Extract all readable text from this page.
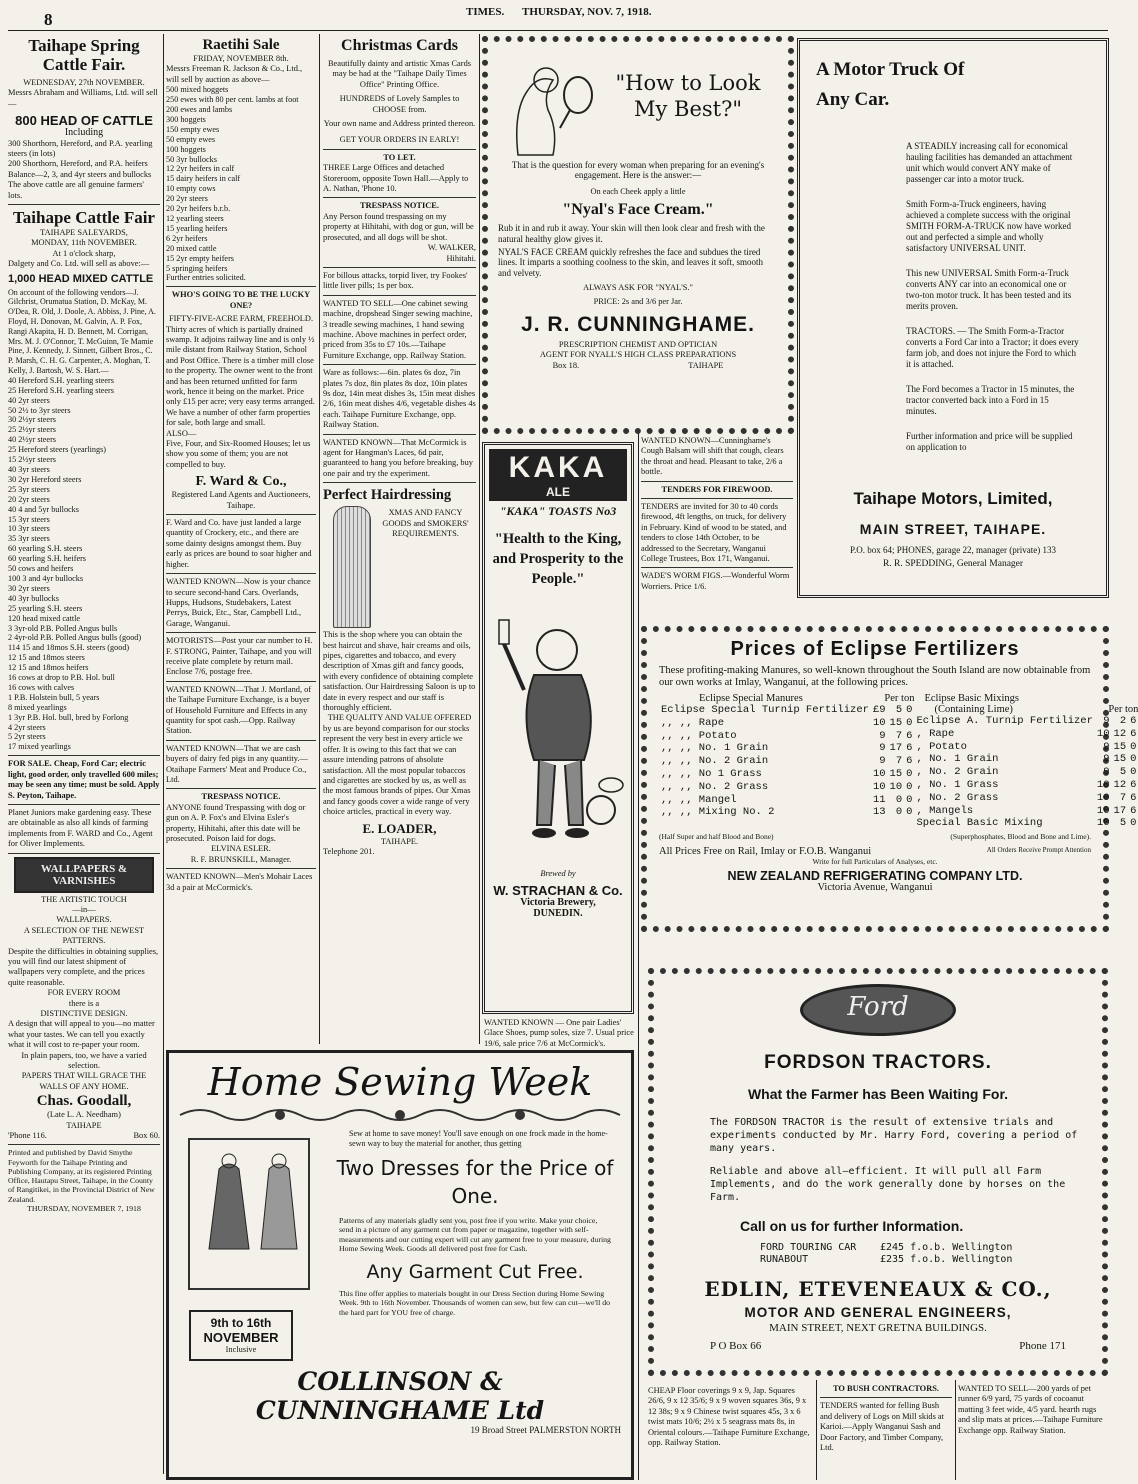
8	TIMES. THURSDAY, NOV. 7, 1918.
Taihape Spring Cattle Fair.

WEDNESDAY, 27th NOVEMBER.

Messrs Abraham and Williams, Ltd. will sell—

800 HEAD OF CATTLE

Including

300 Shorthorn, Hereford, and P.A. yearling steers (in lots)

200 Shorthorn, Hereford, and P.A. heifers

Balance—2, 3, and 4yr steers and bullocks

The above cattle are all genuine farmers' lots.

Taihape Cattle Fair

TAIHAPE SALEYARDS,

MONDAY, 11th NOVEMBER.

At 1 o'clock sharp,

Dalgety and Co. Ltd. will sell as above:—

1,000 HEAD MIXED CATTLE

On account of the following vendors—J. Gilchrist, Orumatua Station, D. McKay, M. O'Dea, R. Old, J. Doole, A. Abbiss, J. Pine, A. Floyd, H. Donovan, M. Galvin, A. P. Fox, Rangi Akapita, H. D. Bennett, M. Corrigan, Mrs. M. J. O'Connor, T. McGuinn, Te Mamie Pine, J. Kennedy, J. Sinnett, Gilbert Bros., C. P. Marsh, C. H. G. Carpenter, A. Moghan, T. Kelly, J. Bartosh, W. S. Hart.—

40 Hereford S.H. yearling steers
25 Hereford S.H. yearling steers
40 2yr steers
50 2½ to 3yr steers
30 2½yr steers
25 2½yr steers
40 2½yr steers
25 Hereford steers (yearlings)
15 2½yr steers
40 3yr steers
30 2yr Hereford steers
25 3yr steers
20 2yr steers
40 4 and 5yr bullocks
15 3yr steers
10 3yr steers
35 3yr steers
60 yearling S.H. steers
60 yearling S.H. heifers
50 cows and heifers
100 3 and 4yr bullocks
30 2yr steers
40 3yr bullocks
25 yearling S.H. steers
120 head mixed cattle
3 3yr-old P.B. Polled Angus bulls
2 4yr-old P.B. Polled Angus bulls (good)
114 15 and 18mos S.H. steers (good)
12 15 and 18mos steers
12 15 and 18mos heifers
16 cows at drop to P.B. Hol. bull
16 cows with calves
1 P.B. Holstein bull, 5 years
8 mixed yearlings
1 3yr P.B. Hol. bull, bred by Forlong
4 2yr steers
5 2yr steers
17 mixed yearlings

FOR SALE. Cheap, Ford Car; electric light, good order, only travelled 600 miles; may be seen any time; must be sold. Apply S. Peyton, Taihape.

Planet Juniors make gardening easy. These are obtainable as also all kinds of farming implements from F. WARD and Co., Agent for Oliver Implements.

WALLPAPERS & VARNISHES

THE ARTISTIC TOUCH

—in—

WALLPAPERS.

A SELECTION OF THE NEWEST PATTERNS.

Despite the difficulties in obtaining supplies, you will find our latest shipment of wallpapers very complete, and the prices quite reasonable.

FOR EVERY ROOM

there is a

DISTINCTIVE DESIGN.

A design that will appeal to you—no matter what your tastes. We can tell you exactly what it will cost to re-paper your room.

In plain papers, too, we have a varied selection.

PAPERS THAT WILL GRACE THE WALLS OF ANY HOME.

Chas. Goodall,

(Late L. A. Needham)

TAIHAPE

'Phone 116.	Box 60.

Printed and published by David Smythe Feyworth for the Taihape Printing and Publishing Company, at its registered Printing Office, Hautapu Street, Taihape, in the County of Rangitikei, in the Provincial District of New Zealand.

THURSDAY, NOVEMBER 7, 1918

Raetihi Sale

FRIDAY, NOVEMBER 8th.

Messrs Freeman R. Jackson & Co., Ltd., will sell by auction as above—

500 mixed hoggets
250 ewes with 80 per cent. lambs at foot
200 ewes and lambs
300 hoggets
150 empty ewes
50 empty ewes
100 hoggets
50 3yr bullocks
12 2yr heifers in calf
15 dairy heifers in calf
10 empty cows
20 2yr steers
20 2yr heifers b.r.b.
12 yearling steers
15 yearling heifers
6 2yr heifers
20 mixed cattle
15 2yr empty heifers
5 springing heifers
Further entries solicited.

WHO'S GOING TO BE THE LUCKY ONE?

FIFTY-FIVE-ACRE FARM, FREEHOLD.

Thirty acres of which is partially drained swamp. It adjoins railway line and is only ½ mile distant from Railway Station, School and Post Office. There is a timber mill close to the property. The owner went to the front and has been returned unfitted for farm work, hence it being on the market. Price only £15 per acre; very easy terms arranged. We have a number of other farm properties for sale, both large and small.

ALSO—

Five, Four, and Six-Roomed Houses; let us show you some of them; you are not compelled to buy.

F. Ward & Co.,

Registered Land Agents and Auctioneers, Taihape.

F. Ward and Co. have just landed a large quantity of Crockery, etc., and there are some dainty designs amongst them. Buy early as prices are bound to soar higher and higher.

WANTED KNOWN—Now is your chance to secure second-hand Cars. Overlands, Hupps, Hudsons, Studebakers, Latest Perrys, Buick, Etc., Star, Campbell Ltd., Garage, Wanganui.

MOTORISTS—Post your car number to H. F. STRONG, Painter, Taihape, and you will receive plate complete by return mail. Enclose 7/6, postage free.

WANTED KNOWN—That J. Mortland, of the Taihape Furniture Exchange, is a buyer of Household Furniture and Effects in any quantity for spot cash.—Opp. Railway Station.

WANTED KNOWN—That we are cash buyers of dairy fed pigs in any quantity.—Otaihape Farmers' Meat and Produce Co., Ltd.

TRESPASS NOTICE.

ANYONE found Trespassing with dog or gun on A. P. Fox's and Elvina Esler's property, Hihitahi, after this date will be prosecuted. Poison laid for dogs.

ELVINA ESLER.

R. F. BRUNSKILL, Manager.

WANTED KNOWN—Men's Mohair Laces 3d a pair at McCormick's.

Christmas Cards

Beautifully dainty and artistic Xmas Cards may be had at the "Taihape Daily Times Office" Printing Office.

HUNDREDS of Lovely Samples to CHOOSE from.

Your own name and Address printed thereon.

GET YOUR ORDERS IN EARLY!

TO LET.

THREE Large Offices and detached Storeroom, opposite Town Hall.—Apply to A. Nathan, 'Phone 10.

TRESPASS NOTICE.

Any Person found trespassing on my property at Hihitahi, with dog or gun, will be prosecuted, and all dogs will be shot.

W. WALKER,

Hihitahi.

For billous attacks, torpid liver, try Fookes' little liver pills; 1s per box.

WANTED TO SELL—One cabinet sewing machine, dropshead Singer sewing machine, 3 treadle sewing machines, 1 hand sewing machine. Above machines in perfect order, priced from 35s to £7 10s.—Taihape Furniture Exchange, opp. Railway Station.

Ware as follows:—6in. plates 6s doz, 7in plates 7s doz, 8in plates 8s doz, 10in plates 9s doz, 14in meat dishes 3s, 15in meat dishes 2/6, 16in meat dishes 4/6, vegetable dishes 4s each. Taihape Furniture Exchange, opp. Railway Station.

WANTED KNOWN—That McCormick is agent for Hangman's Laces, 6d pair, guaranteed to hang you before breaking, buy one pair and try the experiment.

Perfect Hairdressing

XMAS AND FANCY GOODS and SMOKERS' REQUIREMENTS.

This is the shop where you can obtain the best haircut and shave, hair creams and oils, pipes, cigarettes and tobacco, and every description of Xmas gift and fancy goods, with every confidence of obtaining complete satisfaction. Our Hairdressing Saloon is up to date in every respect and our staff is thoroughly efficient.

THE QUALITY AND VALUE OFFERED

by us are beyond comparison for our stocks represent the very best in every article we offer. It is owing to this fact that we can assure intending patrons of absolute satisfaction. All the most popular tobaccos and cigarettes are stocked by us, as well as the most famous brands of pipes. Our Xmas and fancy goods cover a wide range of very choice articles, practical in every way.

E. LOADER,

TAIHAPE.

Telephone 201.

"How to Look My Best?"

That is the question for every woman when preparing for an evening's engagement. Here is the answer:—

On each Cheek apply a little

"Nyal's Face Cream."

Rub it in and rub it away. Your skin will then look clear and fresh with the natural healthy glow gives it.

NYAL'S FACE CREAM quickly refreshes the face and subdues the tired lines. It imparts a soothing coolness to the skin, and leaves it soft, smooth and velvety.

ALWAYS ASK FOR "NYAL'S."

PRICE: 2s and 3/6 per Jar.

J. R. CUNNINGHAME.

PRESCRIPTION CHEMIST AND OPTICIAN

AGENT FOR NYALL'S HIGH CLASS PREPARATIONS

Box 18.	TAIHAPE
KAKA
ALE
"KAKA" TOASTS No3
"Health to the King, and Prosperity to the People."

Brewed by

W. STRACHAN & Co.

Victoria Brewery,

DUNEDIN.

WANTED KNOWN — One pair Ladies' Glace Shoes, pump soles, size 7. Usual price 19/6, sale price 7/6 at McCormick's.

WANTED KNOWN—Cunninghame's Cough Balsam will shift that cough, clears the throat and head. Pleasant to take, 2/6 a bottle.

TENDERS FOR FIREWOOD.

TENDERS are invited for 30 to 40 cords firewood, 4ft lengths, on truck, for delivery in February. Kind of wood to be stated, and tenders to close 14th October, to be addressed to the Secretary, Wanganui College Trustees, Box 171, Wanganui.

WADE'S WORM FIGS.—Wonderful Worm Worriers. Price 1/6.

A Motor Truck Of Any Car.

A STEADILY increasing call for economical hauling facilities has demanded an attachment unit which would convert ANY make of passenger car into a motor truck.

Smith Form-a-Truck engineers, having achieved a complete success with the original SMITH FORM-A-TRUCK now have worked out and perfected a simple and wholly satisfactory UNIVERSAL UNIT.

This new UNIVERSAL Smith Form-a-Truck converts ANY car into an economical one or two-ton motor truck. It has been tested and its merits proven.

TRACTORS. — The Smith Form-a-Tractor converts a Ford Car into a Tractor; it does every farm job, and does not injure the Ford to which it is attached.

The Ford becomes a Tractor in 15 minutes, the tractor converted back into a Ford in 15 minutes.

Further information and price will be supplied on application to

Taihape Motors, Limited,
MAIN STREET, TAIHAPE.

P.O. box 64; PHONES, garage 22, manager (private) 133

R. R. SPEDDING, General Manager

Prices of Eclipse Fertilizers

These profiting-making Manures, so well-known throughout the South Island are now obtainable from our own works at Imlay, Wanganui, at the following prices.

Eclipse Special Manures	Per ton
Eclipse Special Turnip Fertilizer	£9	5	0
,, ,, Rape	10	15	0
,, ,, Potato	9	7	6
,, ,, No. 1 Grain	9	17	6
,, ,, No. 2 Grain	9	7	6
,, ,, No 1 Grass	10	15	0
,, ,, No. 2 Grass	10	10	0
,, ,, Mangel	11	0	0
,, ,, Mixing No. 2	13	0	0
Eclipse Basic Mixings
(Containing Lime)	Per ton
Eclipse A. Turnip Fertilizer	9	2	6
, Rape	10	12	6
, Potato	9	15	0
, No. 1 Grain	9	15	0
, No. 2 Grain	9	5	0
, No. 1 Grass	10	12	6
, No. 2 Grass	10	7	6
, Mangels	10	17	6
Special Basic Mixing	10	5	0
(Half Super and half Blood and Bone)	(Superphosphates, Blood and Bone and Lime).
All Prices Free on Rail, Imlay or F.O.B. Wanganui	All Orders Receive Prompt Attention

Write for full Particulars of Analyses, etc.

NEW ZEALAND REFRIGERATING COMPANY LTD.

Victoria Avenue, Wanganui

Ford
FORDSON TRACTORS.
What the Farmer has Been Waiting For.

The FORDSON TRACTOR is the result of extensive trials and experiments conducted by Mr. Harry Ford, covering a period of many years.

Reliable and above all—efficient. It will pull all Farm Implements, and do the work generally done by horses on the Farm.

Call on us for further Information.
FORD TOURING CAR	£245 f.o.b. Wellington
RUNABOUT	£235 f.o.b. Wellington
EDLIN, ETEVENEAUX & CO.,
MOTOR AND GENERAL ENGINEERS,

MAIN STREET, NEXT GRETNA BUILDINGS.

P O Box 66	Phone 171
Home Sewing Week
9th to 16th
NOVEMBER
Inclusive

Sew at home to save money! You'll save enough on one frock made in the home-sewn way to buy the material for another, thus getting

Two Dresses for the Price of One.

Patterns of any materials gladly sent you, post free if you write. Make your choice, send in a picture of any garment cut from paper or magazine, together with self-measurements and our cutting expert will cut any garment free to your measure, during Home Sewing Week. Goods all delivered post free for Cash.

Any Garment Cut Free.

This fine offer applies to materials bought in our Dress Section during Home Sewing Week. 9th to 16th November. Thousands of women can sew, but few can cut—we'll do the hard part for YOU free of charge.

COLLINSON & CUNNINGHAME Ltd

19 Broad Street PALMERSTON NORTH

CHEAP Floor coverings 9 x 9, Jap. Squares 26/6, 9 x 12 35/6; 9 x 9 woven squares 36s, 9 x 12 38s; 9 x 9 Chinese twist squares 45s, 3 x 6 twist mats 10/6; 2½ x 5 seagrass mats 8s, in Oriental colours.—Taihape Furniture Exchange, opp. Railway Station.

TO BUSH CONTRACTORS.

TENDERS wanted for felling Bush and delivery of Logs on Mill skids at Karioi.—Apply Wanganui Sash and Door Factory, and Timber Company, Ltd.

WANTED TO SELL—200 yards of pet runner 6/9 yard, 75 yards of cocoanut matting 3 feet wide, 4/5 yard. hearth rugs and slip mats at prices.—Taihape Furniture Exchange opp. Railway Station.
